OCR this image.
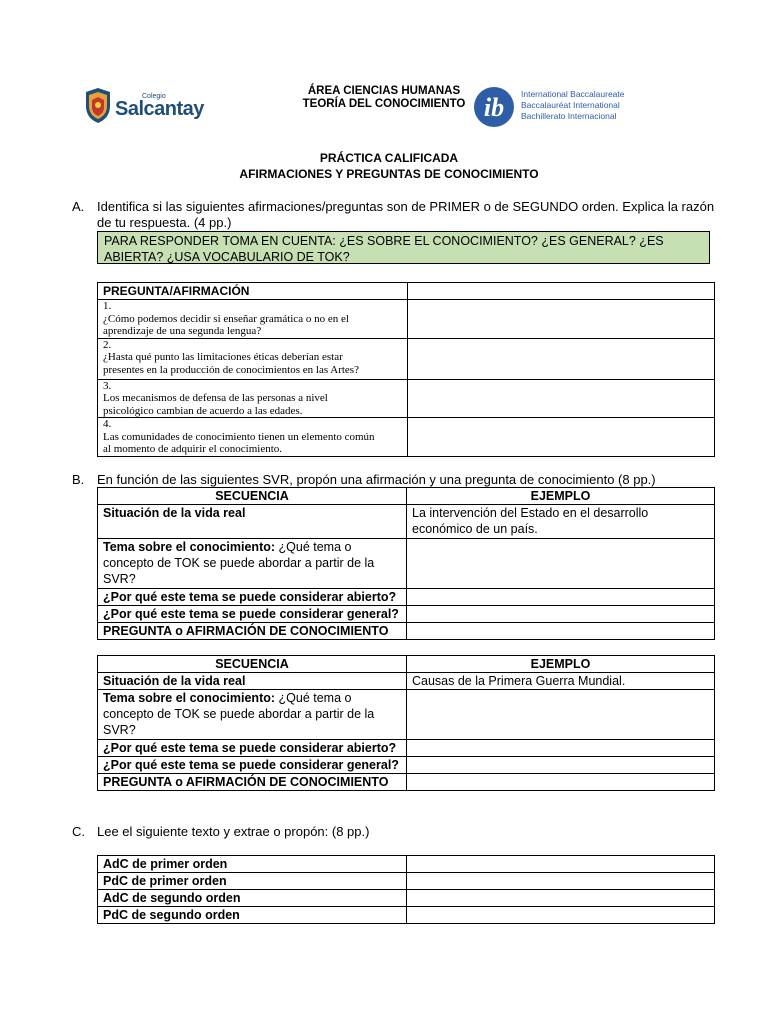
Colegio
Salcantay
ÁREA CIENCIAS HUMANAS
TEORÍA DEL CONOCIMIENTO ib International Baccalaureate
Baccalauréat International
Bachillerato Internacional
PRÁCTICA CALIFICADA
AFIRMACIONES Y PREGUNTAS DE CONOCIMIENTO
A. Identifica si las siguientes afirmaciones/preguntas son de PRIMER o de SEGUNDO orden. Explica la razón de tu respuesta. (4 pp.)
PARA RESPONDER TOMA EN CUENTA: ¿ES SOBRE EL CONOCIMIENTO? ¿ES GENERAL? ¿ES ABIERTA? ¿USA VOCABULARIO DE TOK?
PREGUNTA/AFIRMACIÓN	
1.¿Cómo podemos decidir si enseñar gramática o no en el aprendizaje de una segunda lengua?	
2.¿Hasta qué punto las limitaciones éticas deberían estar presentes en la producción de conocimientos en las Artes?	
3.Los mecanismos de defensa de las personas a nivel psicológico cambian de acuerdo a las edades.	
4.Las comunidades de conocimiento tienen un elemento común al momento de adquirir el conocimiento.	
B. En función de las siguientes SVR, propón una afirmación y una pregunta de conocimiento (8 pp.)
SECUENCIA	EJEMPLO
Situación de la vida real	La intervención del Estado en el desarrollo económico de un país.
Tema sobre el conocimiento: ¿Qué tema o concepto de TOK se puede abordar a partir de la SVR?	
¿Por qué este tema se puede considerar abierto?	
¿Por qué este tema se puede considerar general?	
PREGUNTA o AFIRMACIÓN DE CONOCIMIENTO	
SECUENCIA	EJEMPLO
Situación de la vida real	Causas de la Primera Guerra Mundial.
Tema sobre el conocimiento: ¿Qué tema o concepto de TOK se puede abordar a partir de la SVR?	
¿Por qué este tema se puede considerar abierto?	
¿Por qué este tema se puede considerar general?	
PREGUNTA o AFIRMACIÓN DE CONOCIMIENTO	
C. Lee el siguiente texto y extrae o propón: (8 pp.)
AdC de primer orden	
PdC de primer orden	
AdC de segundo orden	
PdC de segundo orden	
